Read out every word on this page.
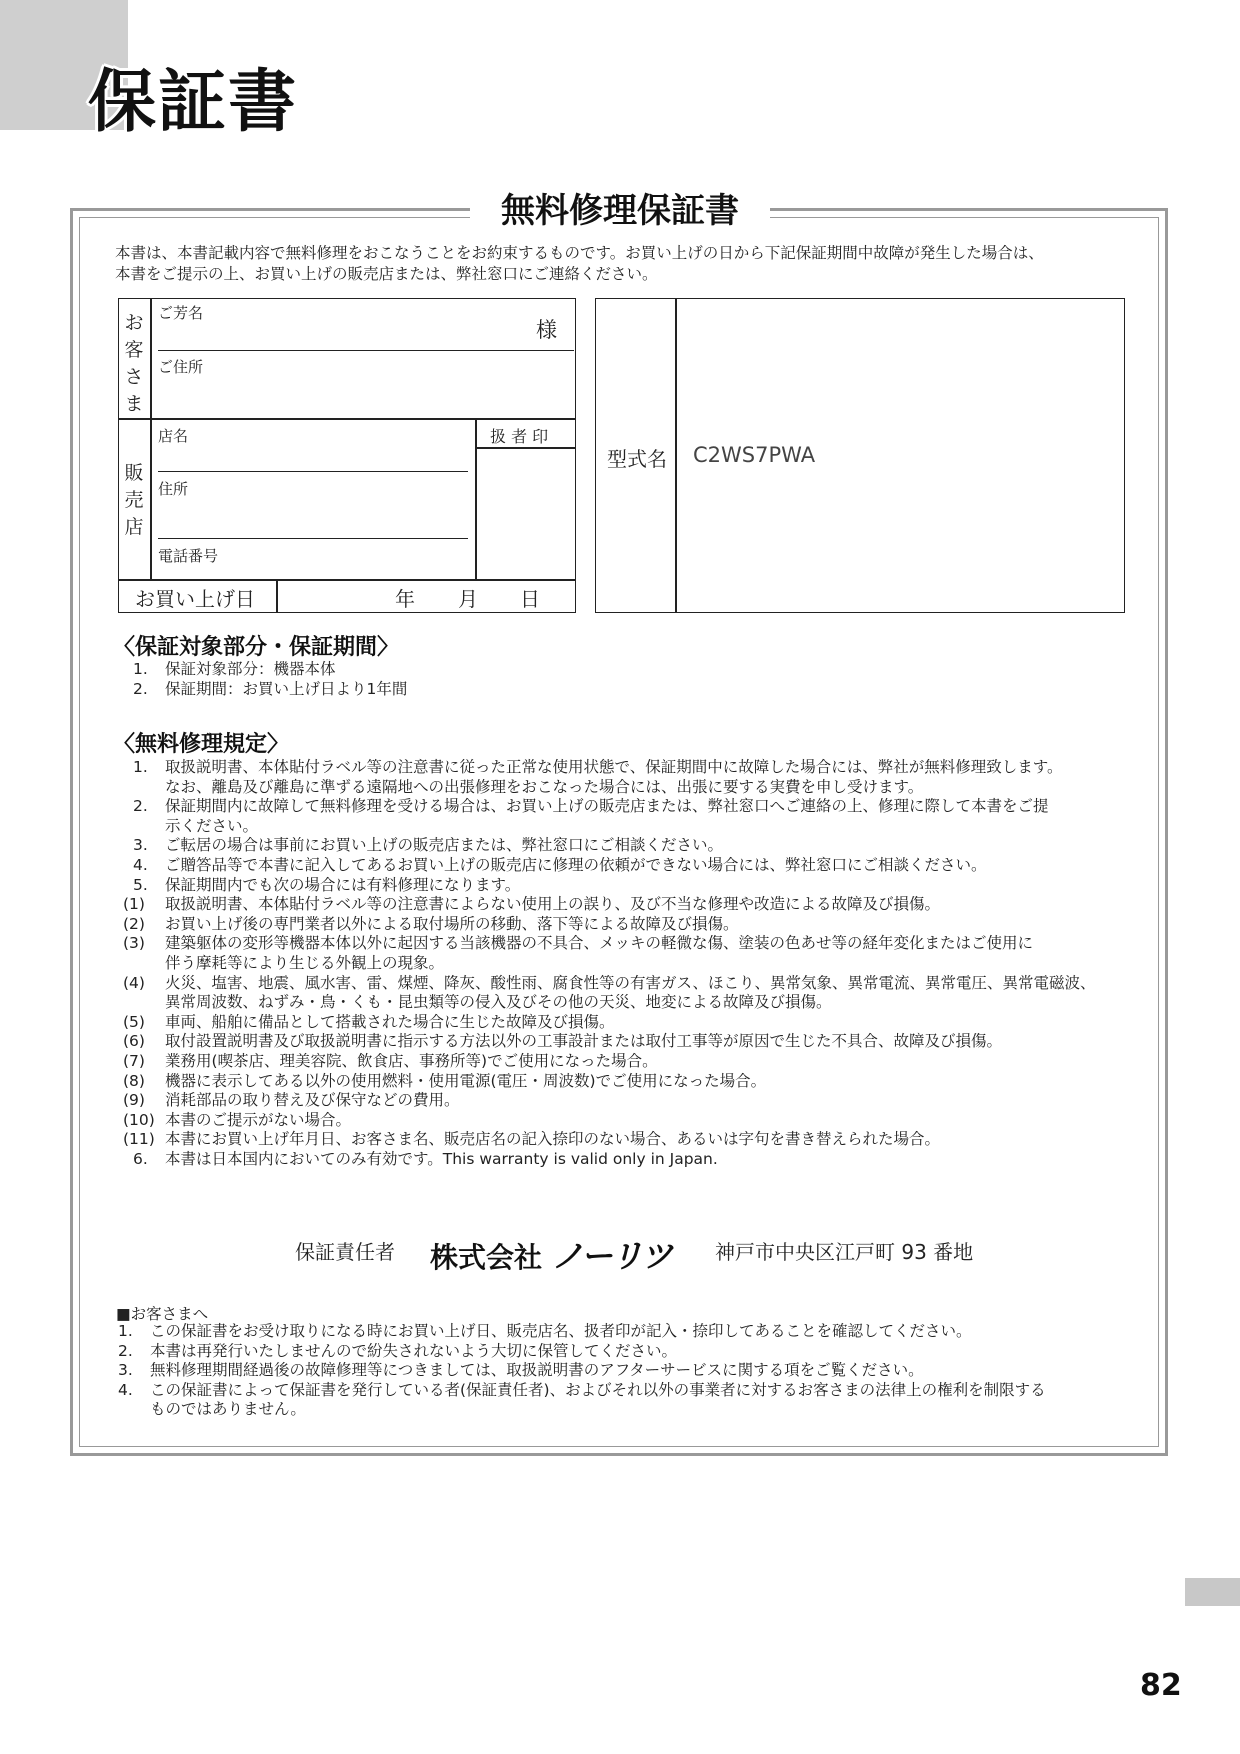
保証書
無料修理保証書
本書は、本書記載内容で無料修理をおこなうことをお約束するものです。お買い上げの日から下記保証期間中故障が発生した場合は、
本書をご提示の上、お買い上げの販売店または、弊社窓口にご連絡ください。
お
客
さ
ま
ご芳名
様
ご住所
販
売
店
店名
住所
電話番号
扱 者 印
お買い上げ日	年 月 日
型式名 C2WS7PWA
〈保証対象部分・保証期間〉
1. 保証対象部分：機器本体
2. 保証期間：お買い上げ日より1年間
〈無料修理規定〉
1. 取扱説明書、本体貼付ラベル等の注意書に従った正常な使用状態で、保証期間中に故障した場合には、弊社が無料修理致します。
なお、離島及び離島に準ずる遠隔地への出張修理をおこなった場合には、出張に要する実費を申し受けます。
2. 保証期間内に故障して無料修理を受ける場合は、お買い上げの販売店または、弊社窓口へご連絡の上、修理に際して本書をご提
示ください。
3. ご転居の場合は事前にお買い上げの販売店または、弊社窓口にご相談ください。
4. ご贈答品等で本書に記入してあるお買い上げの販売店に修理の依頼ができない場合には、弊社窓口にご相談ください。
5. 保証期間内でも次の場合には有料修理になります。
(1) 取扱説明書、本体貼付ラベル等の注意書によらない使用上の誤り、及び不当な修理や改造による故障及び損傷。
(2) お買い上げ後の専門業者以外による取付場所の移動、落下等による故障及び損傷。
(3) 建築躯体の変形等機器本体以外に起因する当該機器の不具合、メッキの軽微な傷、塗装の色あせ等の経年変化またはご使用に
伴う摩耗等により生じる外観上の現象。
(4) 火災、塩害、地震、風水害、雷、煤煙、降灰、酸性雨、腐食性等の有害ガス、ほこり、異常気象、異常電流、異常電圧、異常電磁波、
異常周波数、ねずみ・鳥・くも・昆虫類等の侵入及びその他の天災、地変による故障及び損傷。
(5) 車両、船舶に備品として搭載された場合に生じた故障及び損傷。
(6) 取付設置説明書及び取扱説明書に指示する方法以外の工事設計または取付工事等が原因で生じた不具合、故障及び損傷。
(7) 業務用(喫茶店、理美容院、飲食店、事務所等)でご使用になった場合。
(8) 機器に表示してある以外の使用燃料・使用電源(電圧・周波数)でご使用になった場合。
(9) 消耗部品の取り替え及び保守などの費用。
(10) 本書のご提示がない場合。
(11) 本書にお買い上げ年月日、お客さま名、販売店名の記入捺印のない場合、あるいは字句を書き替えられた場合。
6. 本書は日本国内においてのみ有効です。This warranty is valid only in Japan.
保証責任者 株式会社 ノーリツ 神戸市中央区江戸町 93 番地
■お客さまへ
1. この保証書をお受け取りになる時にお買い上げ日、販売店名、扱者印が記入・捺印してあることを確認してください。
2. 本書は再発行いたしませんので紛失されないよう大切に保管してください。
3. 無料修理期間経過後の故障修理等につきましては、取扱説明書のアフターサービスに関する項をご覧ください。
4. この保証書によって保証書を発行している者(保証責任者)、およびそれ以外の事業者に対するお客さまの法律上の権利を制限する
ものではありません。
82
